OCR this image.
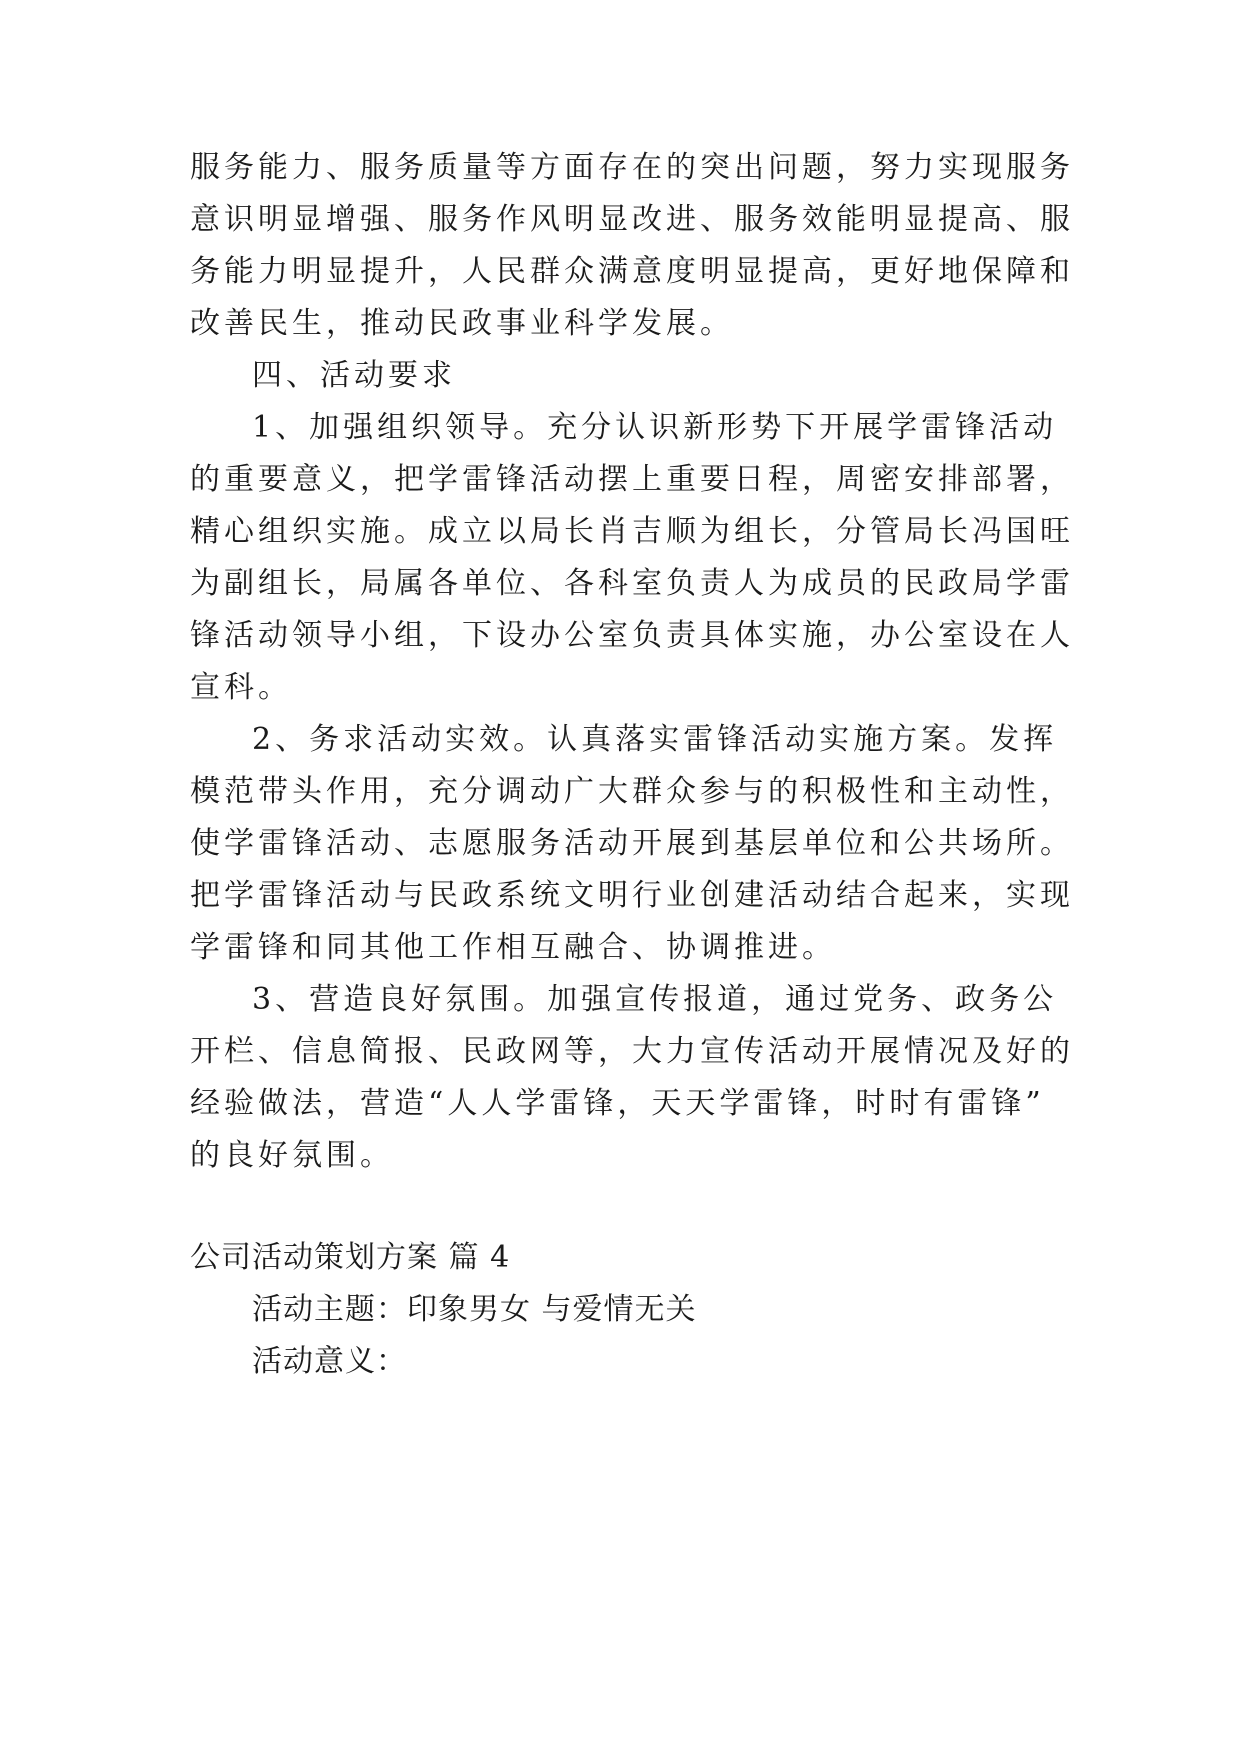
服务能力、服务质量等方面存在的突出问题，努力实现服务
意识明显增强、服务作风明显改进、服务效能明显提高、服
务能力明显提升，人民群众满意度明显提高，更好地保障和
改善民生，推动民政事业科学发展。
四、活动要求
1、加强组织领导。充分认识新形势下开展学雷锋活动
的重要意义，把学雷锋活动摆上重要日程，周密安排部署，
精心组织实施。成立以局长肖吉顺为组长，分管局长冯国旺
为副组长，局属各单位、各科室负责人为成员的民政局学雷
锋活动领导小组，下设办公室负责具体实施，办公室设在人
宣科。
2、务求活动实效。认真落实雷锋活动实施方案。发挥
模范带头作用，充分调动广大群众参与的积极性和主动性，
使学雷锋活动、志愿服务活动开展到基层单位和公共场所。
把学雷锋活动与民政系统文明行业创建活动结合起来，实现
学雷锋和同其他工作相互融合、协调推进。
3、营造良好氛围。加强宣传报道，通过党务、政务公
开栏、信息简报、民政网等，大力宣传活动开展情况及好的
经验做法，营造“人人学雷锋，天天学雷锋，时时有雷锋”
的良好氛围。
公司活动策划方案 篇 4
活动主题：印象男女 与爱情无关
活动意义：
